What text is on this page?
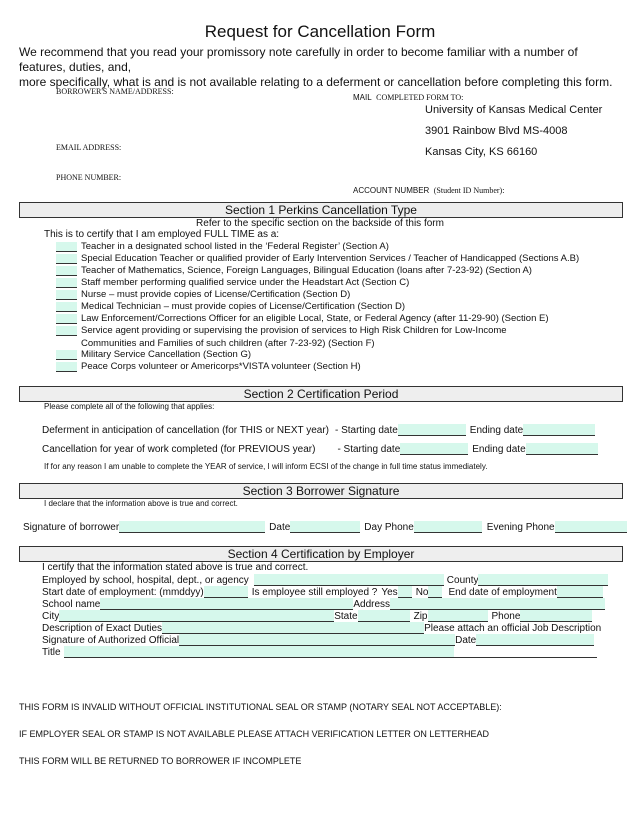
Request for Cancellation Form
We recommend that you read your promissory note carefully in order to become familiar with a number of features, duties, and,
more specifically, what is and is not available relating to a deferment or cancellation before completing this form.
BORROWER'S NAME/ADDRESS:
EMAIL ADDRESS:
PHONE NUMBER:
MAIL COMPLETED FORM TO:
University of Kansas Medical Center
3901 Rainbow Blvd MS-4008
Kansas City, KS 66160
ACCOUNT NUMBER (Student ID Number):
Section 1 Perkins Cancellation Type
Refer to the specific section on the backside of this form
This is to certify that I am employed FULL TIME as a:
Teacher in a designated school listed in the ‘Federal Register’ (Section A)
Special Education Teacher or qualified provider of Early Intervention Services / Teacher of Handicapped (Sections A.B)
Teacher of Mathematics, Science, Foreign Languages, Bilingual Education (loans after 7-23-92) (Section A)
Staff member performing qualified service under the Headstart Act (Section C)
Nurse – must provide copies of License/Certification (Section D)
Medical Technician – must provide copies of License/Certification (Section D)
Law Enforcement/Corrections Officer for an eligible Local, State, or Federal Agency (after 11-29-90) (Section E)
Service agent providing or supervising the provision of services to High Risk Children for Low-Income
Communities and Families of such children (after 7-23-92) (Section F)
Military Service Cancellation (Section G)
Peace Corps volunteer or Americorps*VISTA volunteer (Section H)
Section 2 Certification Period
Please complete all of the following that applies:
Deferment in anticipation of cancellation (for THIS or NEXT year) - Starting date	Ending date
Cancellation for year of work completed (for PREVIOUS year) - Starting date	Ending date
If for any reason I am unable to complete the YEAR of service, I will inform ECSI of the change in full time status immediately.
Section 3 Borrower Signature
I declare that the information above is true and correct.
Signature of borrower	Date	Day Phone	Evening Phone
Section 4 Certification by Employer
I certify that the information stated above is true and correct.
Employed by school, hospital, dept., or agency	County
Start date of employment: (mmddyy)	Is employee still employed ? Yes No End date of employment
School name	Address
City	State	Zip	Phone
Description of Exact Duties	Please attach an official Job Description
Signature of Authorized Official	Date
Title
THIS FORM IS INVALID WITHOUT OFFICIAL INSTITUTIONAL SEAL OR STAMP (NOTARY SEAL NOT ACCEPTABLE):
IF EMPLOYER SEAL OR STAMP IS NOT AVAILABLE PLEASE ATTACH VERIFICATION LETTER ON LETTERHEAD
THIS FORM WILL BE RETURNED TO BORROWER IF INCOMPLETE
